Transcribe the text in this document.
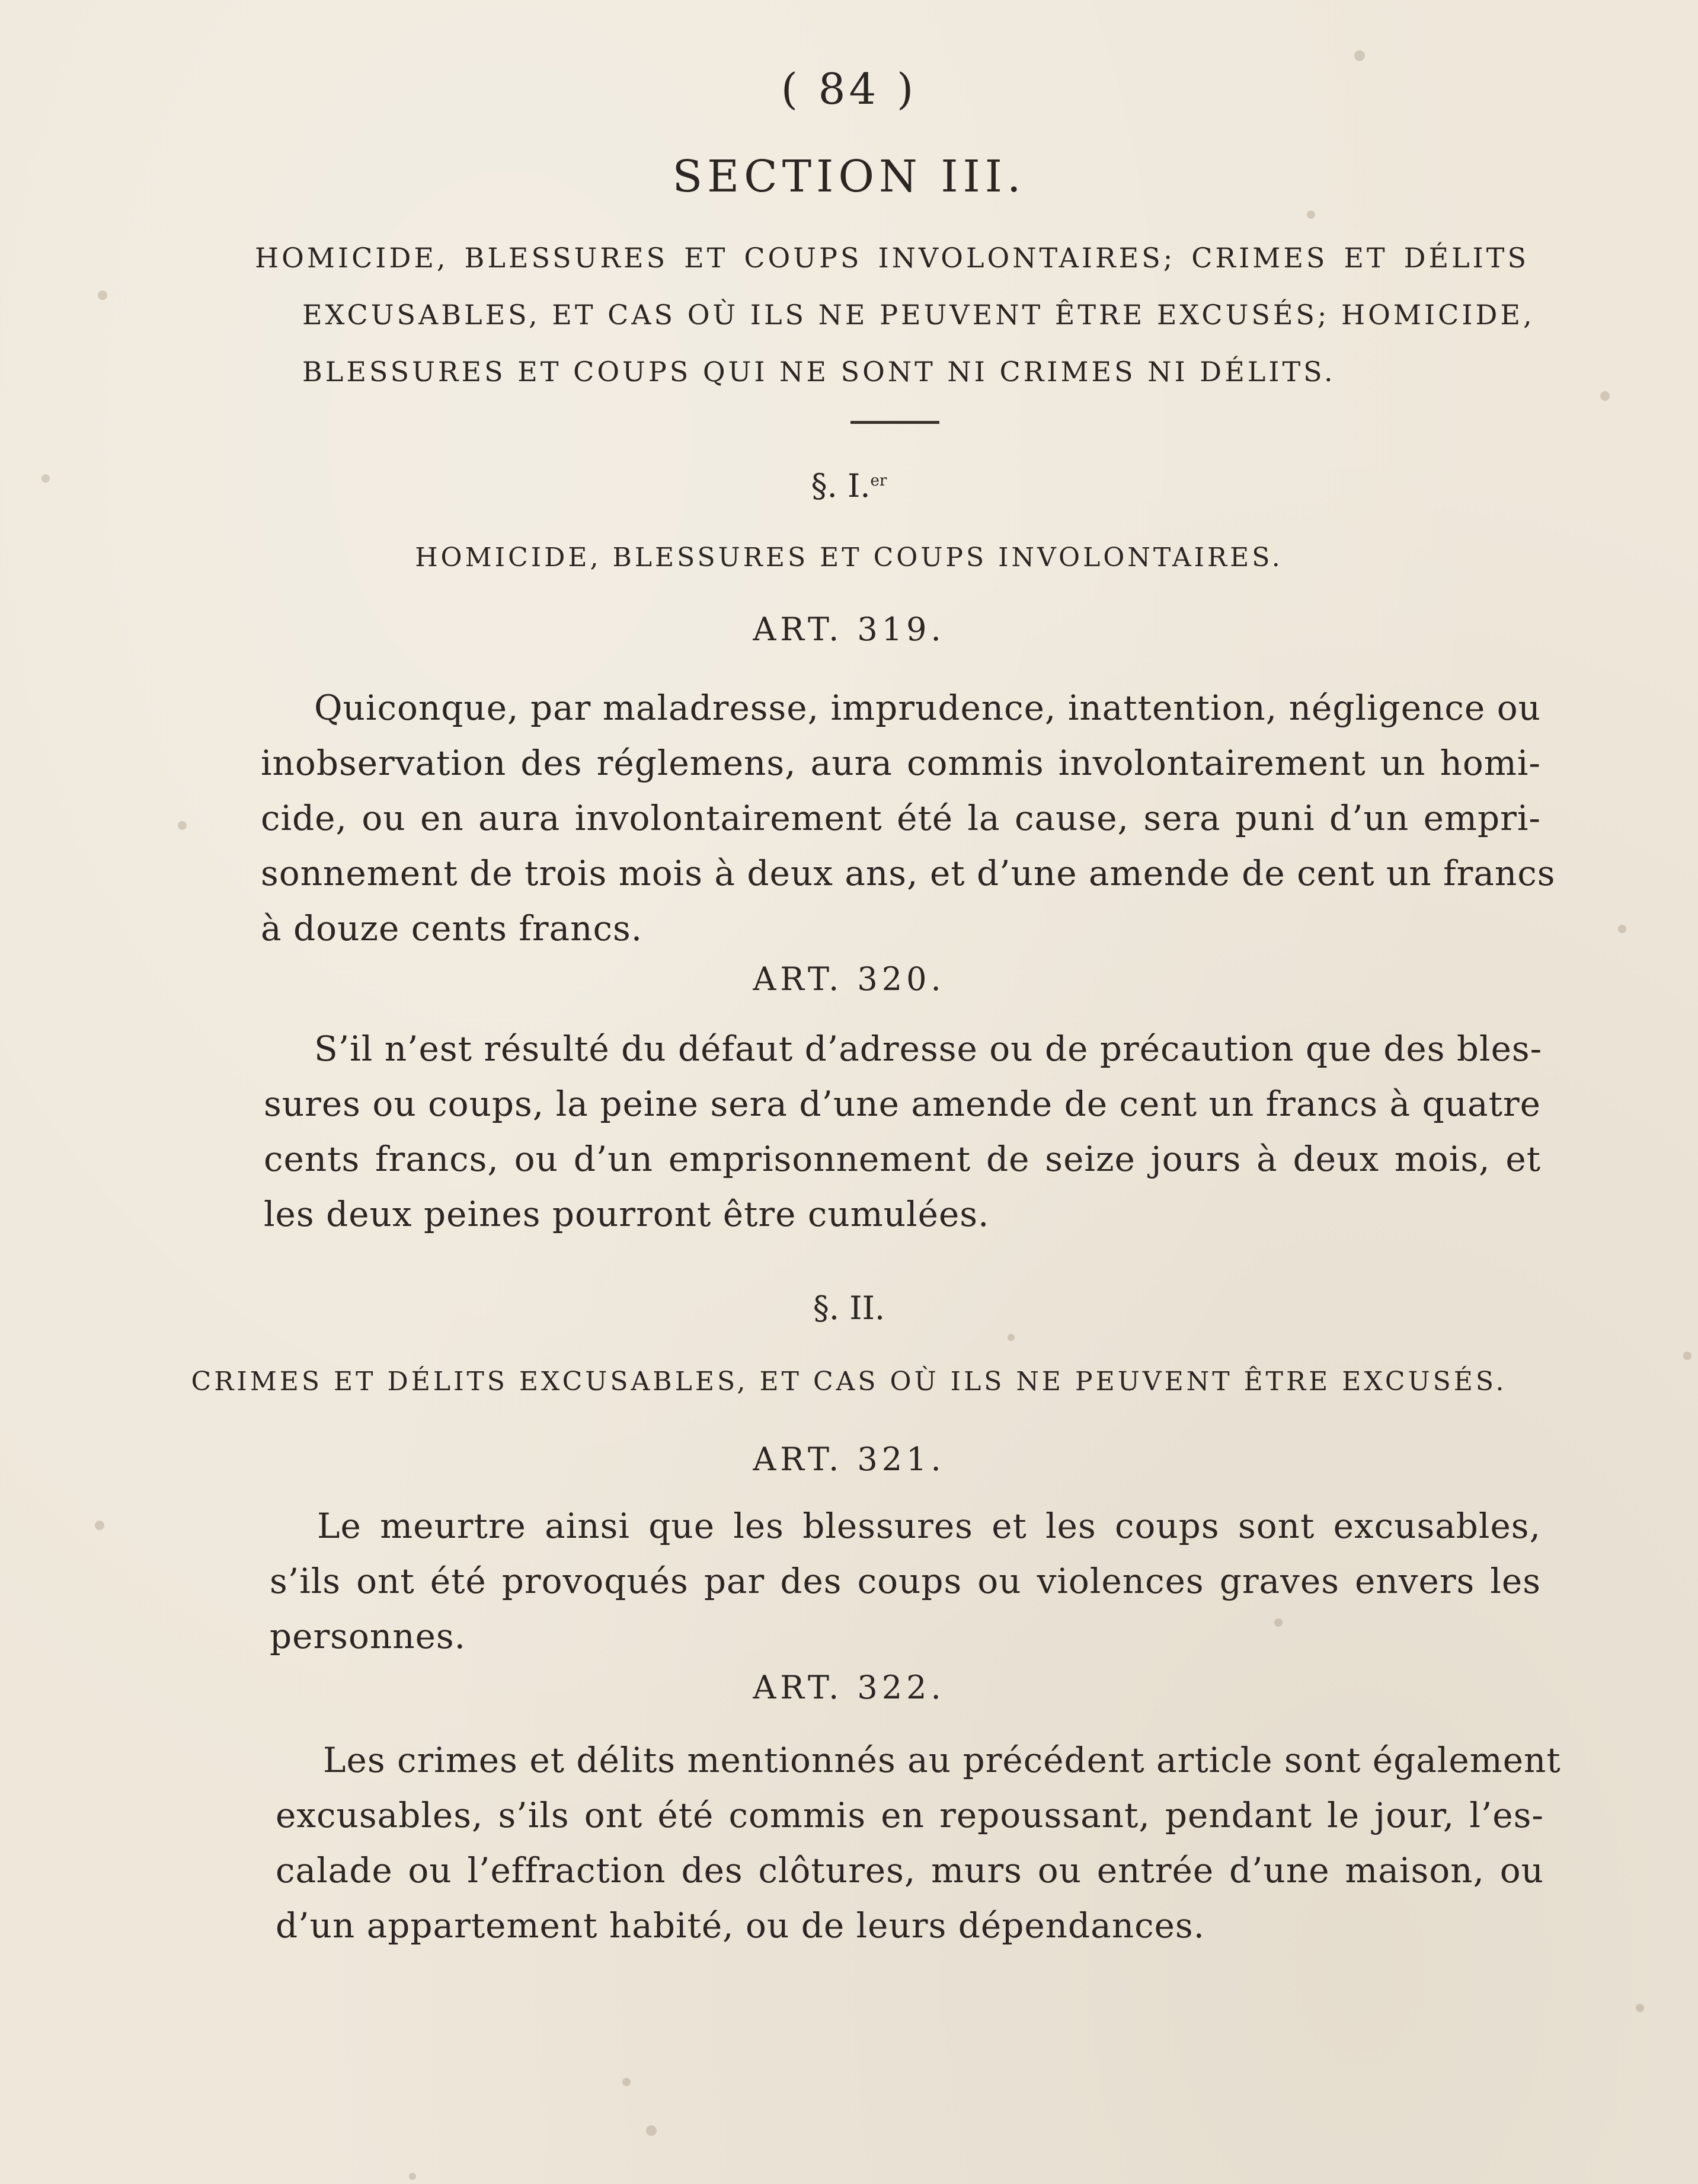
( 84 )
SECTION III.
HOMICIDE, BLESSURES ET COUPS INVOLONTAIRES; CRIMES ET DÉLITS
EXCUSABLES, ET CAS OÙ ILS NE PEUVENT ÊTRE EXCUSÉS; HOMICIDE,
BLESSURES ET COUPS QUI NE SONT NI CRIMES NI DÉLITS.
§. I.$^{er}$
HOMICIDE, BLESSURES ET COUPS INVOLONTAIRES.
ART. 319.
Quiconque, par maladresse, imprudence, inattention, négligence ou
inobservation des réglemens, aura commis involontairement un homi-
cide, ou en aura involontairement été la cause, sera puni d’un empri-
sonnement de trois mois à deux ans, et d’une amende de cent un francs
à douze cents francs.
ART. 320.
S’il n’est résulté du défaut d’adresse ou de précaution que des bles-
sures ou coups, la peine sera d’une amende de cent un francs à quatre
cents francs, ou d’un emprisonnement de seize jours à deux mois, et
les deux peines pourront être cumulées.
§. II.
CRIMES ET DÉLITS EXCUSABLES, ET CAS OÙ ILS NE PEUVENT ÊTRE EXCUSÉS.
ART. 321.
Le meurtre ainsi que les blessures et les coups sont excusables,
s’ils ont été provoqués par des coups ou violences graves envers les
personnes.
ART. 322.
Les crimes et délits mentionnés au précédent article sont également
excusables, s’ils ont été commis en repoussant, pendant le jour, l’es-
calade ou l’effraction des clôtures, murs ou entrée d’une maison, ou
d’un appartement habité, ou de leurs dépendances.
